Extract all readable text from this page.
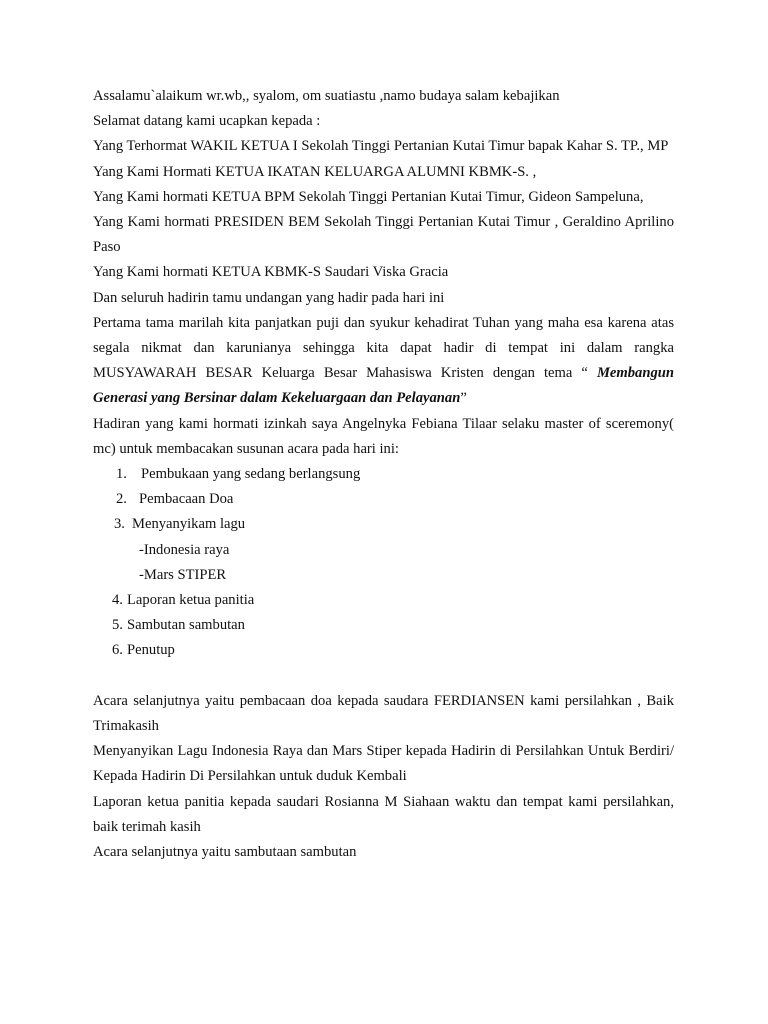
Assalamu`alaikum wr.wb,, syalom, om suatiastu ,namo budaya salam kebajikan

Selamat datang kami ucapkan kepada :

Yang Terhormat WAKIL KETUA I Sekolah Tinggi Pertanian Kutai Timur bapak Kahar S. TP., MP

Yang Kami Hormati KETUA IKATAN KELUARGA ALUMNI KBMK-S. ,

Yang Kami hormati KETUA BPM Sekolah Tinggi Pertanian Kutai Timur, Gideon Sampeluna,

Yang Kami hormati PRESIDEN BEM Sekolah Tinggi Pertanian Kutai Timur , Geraldino Aprilino Paso

Yang Kami hormati KETUA KBMK-S Saudari Viska Gracia

Dan seluruh hadirin tamu undangan yang hadir pada hari ini

Pertama tama marilah kita panjatkan puji dan syukur kehadirat Tuhan yang maha esa karena atas segala nikmat dan karunianya sehingga kita dapat hadir di tempat ini dalam rangka MUSYAWARAH BESAR Keluarga Besar Mahasiswa Kristen dengan tema “ Membangun Generasi yang Bersinar dalam Kekeluargaan dan Pelayanan”

Hadiran yang kami hormati izinkah saya Angelnyka Febiana Tilaar selaku master of sceremony( mc) untuk membacakan susunan acara pada hari ini:

1. Pembukaan yang sedang berlangsung

2. Pembacaan Doa

3. Menyanyikam lagu

-Indonesia raya

-Mars STIPER

4. Laporan ketua panitia

5. Sambutan sambutan

6. Penutup

Acara selanjutnya yaitu pembacaan doa kepada saudara FERDIANSEN kami persilahkan , Baik Trimakasih

Menyanyikan Lagu Indonesia Raya dan Mars Stiper kepada Hadirin di Persilahkan Untuk Berdiri/ Kepada Hadirin Di Persilahkan untuk duduk Kembali

Laporan ketua panitia kepada saudari Rosianna M Siahaan waktu dan tempat kami persilahkan, baik terimah kasih

Acara selanjutnya yaitu sambutaan sambutan
